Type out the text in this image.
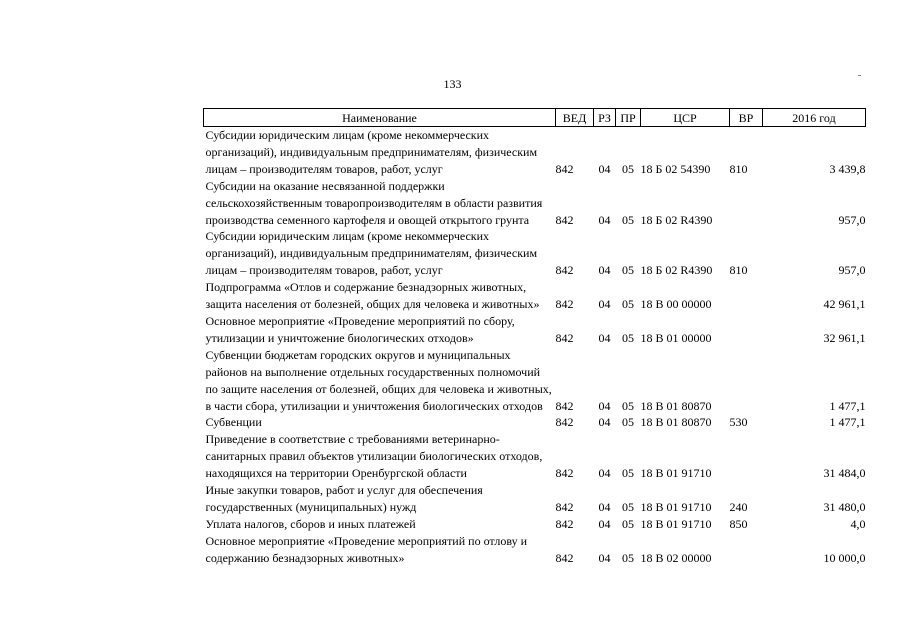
133
Наименование	ВЕД	РЗ	ПР	ЦСР	ВР	2016 год
Субсидии юридическим лицам (кроме некоммерческих организаций), индивидуальным предпринимателям, физическим лицам – производителям товаров, работ, услуг	842	04	05	18 Б 02 54390	810	3 439,8
Субсидии на оказание несвязанной поддержки сельскохозяйственным товаропроизводителям в области развития производства семенного картофеля и овощей открытого грунта	842	04	05	18 Б 02 R4390		957,0
Субсидии юридическим лицам (кроме некоммерческих организаций), индивидуальным предпринимателям, физическим лицам – производителям товаров, работ, услуг	842	04	05	18 Б 02 R4390	810	957,0
Подпрограмма «Отлов и содержание безнадзорных животных, защита населения от болезней, общих для человека и животных»	842	04	05	18 В 00 00000		42 961,1
Основное мероприятие «Проведение мероприятий по сбору, утилизации и уничтожение биологических отходов»	842	04	05	18 В 01 00000		32 961,1
Субвенции бюджетам городских округов и муниципальных районов на выполнение отдельных государственных полномочий по защите населения от болезней, общих для человека и животных, в части сбора, утилизации и уничтожения биологических отходов	842	04	05	18 В 01 80870		1 477,1
Субвенции	842	04	05	18 В 01 80870	530	1 477,1
Приведение в соответствие с требованиями ветеринарно-санитарных правил объектов утилизации биологических отходов, находящихся на территории Оренбургской области	842	04	05	18 В 01 91710		31 484,0
Иные закупки товаров, работ и услуг для обеспечения государственных (муниципальных) нужд	842	04	05	18 В 01 91710	240	31 480,0
Уплата налогов, сборов и иных платежей	842	04	05	18 В 01 91710	850	4,0
Основное мероприятие «Проведение мероприятий по отлову и содержанию безнадзорных животных»	842	04	05	18 В 02 00000		10 000,0
